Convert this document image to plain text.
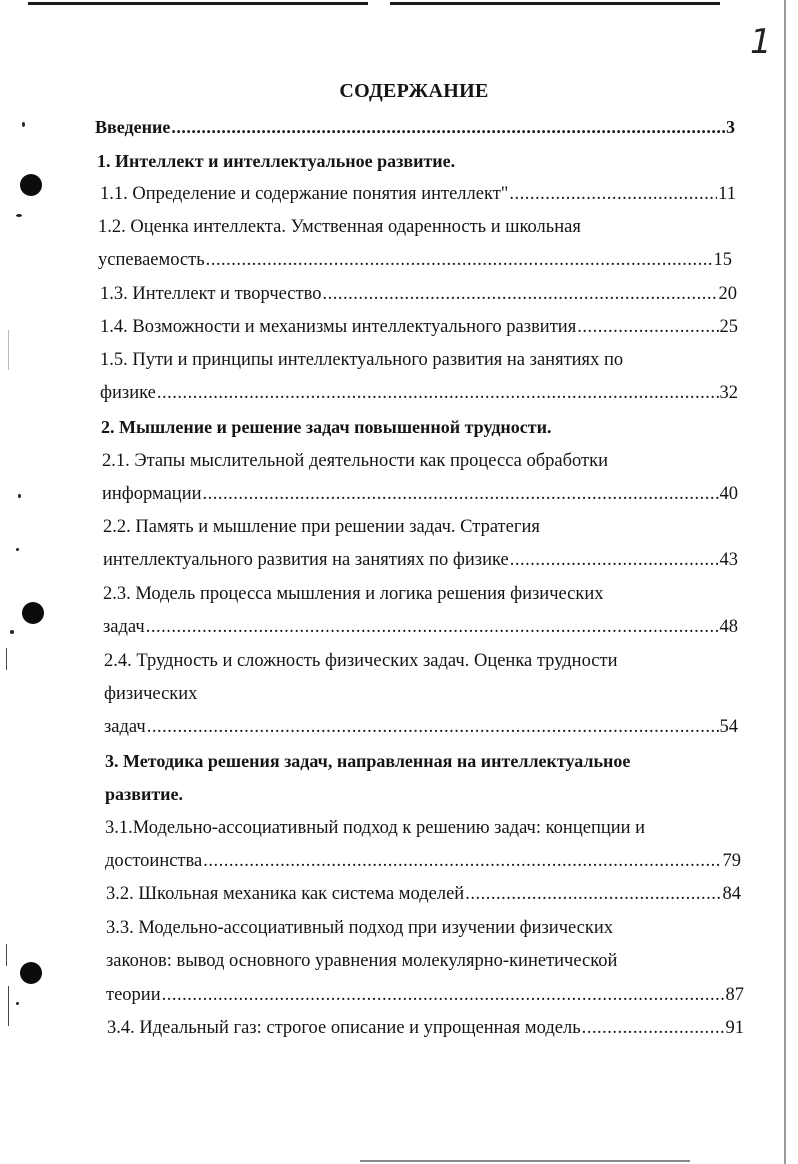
1
СОДЕРЖАНИЕ
Введение .....	3
1. Интеллект и интеллектуальное развитие.
1.1. Определение и содержание понятия интеллект" .....	11
1.2. Оценка интеллекта. Умственная одаренность и школьная
успеваемость .....	15
1.3. Интеллект и творчество .....	20
1.4. Возможности и механизмы интеллектуального развития .....	25
1.5. Пути и принципы интеллектуального развития на занятиях по
физике .....	32
2. Мышление и решение задач повышенной трудности.
2.1. Этапы мыслительной деятельности как процесса обработки
информации .....	40
2.2. Память и мышление при решении задач. Стратегия
интеллектуального развития на занятиях по физике .....	43
2.3. Модель процесса мышления и логика решения физических
задач .....	48
2.4. Трудность и сложность физических задач. Оценка трудности
физических
задач .....	54
3. Методика решения задач, направленная на интеллектуальное
развитие.
3.1.Модельно-ассоциативный подход к решению задач: концепции и
достоинства .....	79
3.2. Школьная механика как система моделей .....	84
3.3. Модельно-ассоциативный подход при изучении физических
законов: вывод основного уравнения молекулярно-кинетической
теории .....	87
3.4. Идеальный газ: строгое описание и упрощенная модель .....	91
